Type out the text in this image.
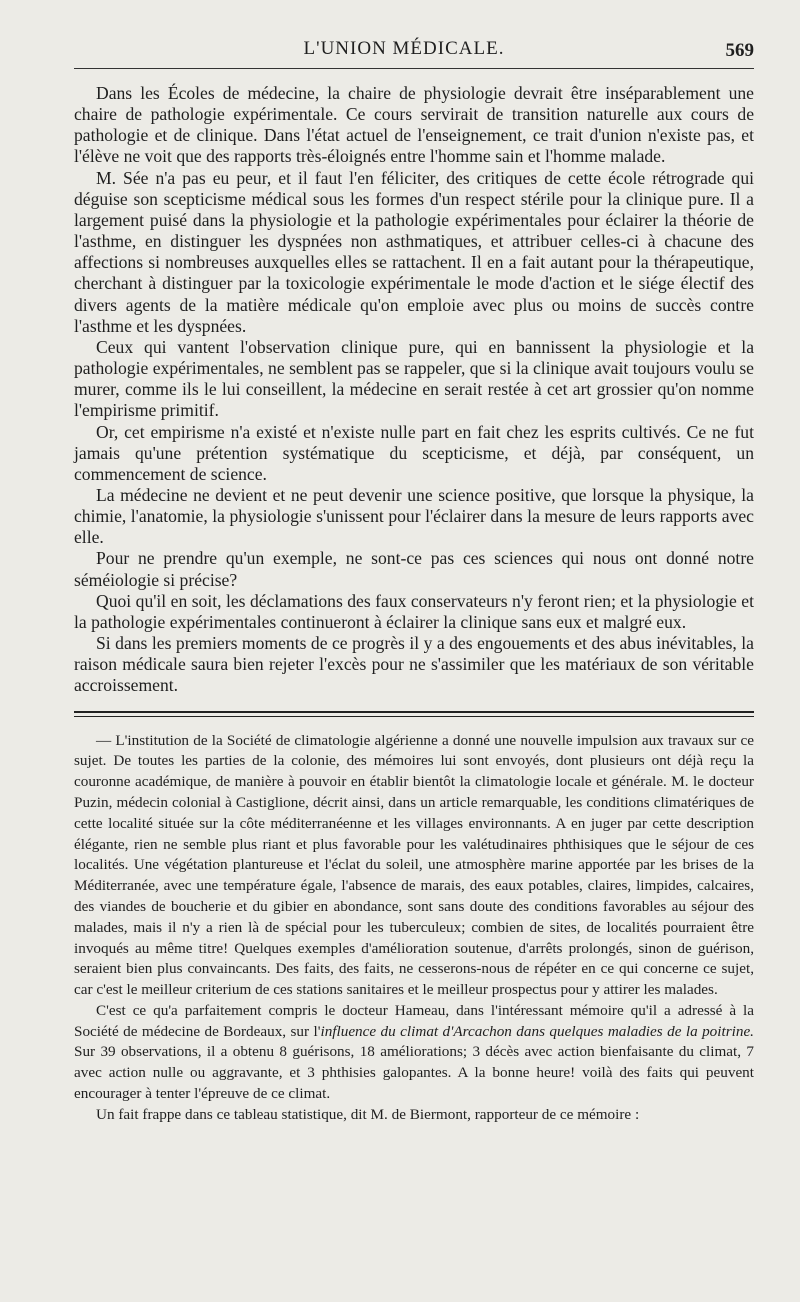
L'UNION MÉDICALE.	569

Dans les Écoles de médecine, la chaire de physiologie devrait être inséparablement une chaire de pathologie expérimentale. Ce cours servirait de transition naturelle aux cours de pathologie et de clinique. Dans l'état actuel de l'enseignement, ce trait d'union n'existe pas, et l'élève ne voit que des rapports très-éloignés entre l'homme sain et l'homme malade.

M. Sée n'a pas eu peur, et il faut l'en féliciter, des critiques de cette école rétrograde qui déguise son scepticisme médical sous les formes d'un respect stérile pour la clinique pure. Il a largement puisé dans la physiologie et la pathologie expérimentales pour éclairer la théorie de l'asthme, en distinguer les dyspnées non asthmatiques, et attribuer celles-ci à chacune des affections si nombreuses auxquelles elles se rattachent. Il en a fait autant pour la thérapeutique, cherchant à distinguer par la toxicologie expérimentale le mode d'action et le siége électif des divers agents de la matière médicale qu'on emploie avec plus ou moins de succès contre l'asthme et les dyspnées.

Ceux qui vantent l'observation clinique pure, qui en bannissent la physiologie et la pathologie expérimentales, ne semblent pas se rappeler, que si la clinique avait toujours voulu se murer, comme ils le lui conseillent, la médecine en serait restée à cet art grossier qu'on nomme l'empirisme primitif.

Or, cet empirisme n'a existé et n'existe nulle part en fait chez les esprits cultivés. Ce ne fut jamais qu'une prétention systématique du scepticisme, et déjà, par conséquent, un commencement de science.

La médecine ne devient et ne peut devenir une science positive, que lorsque la physique, la chimie, l'anatomie, la physiologie s'unissent pour l'éclairer dans la mesure de leurs rapports avec elle.

Pour ne prendre qu'un exemple, ne sont-ce pas ces sciences qui nous ont donné notre séméiologie si précise?

Quoi qu'il en soit, les déclamations des faux conservateurs n'y feront rien; et la physiologie et la pathologie expérimentales continueront à éclairer la clinique sans eux et malgré eux.

Si dans les premiers moments de ce progrès il y a des engouements et des abus inévitables, la raison médicale saura bien rejeter l'excès pour ne s'assimiler que les matériaux de son véritable accroissement.

— L'institution de la Société de climatologie algérienne a donné une nouvelle impulsion aux travaux sur ce sujet. De toutes les parties de la colonie, des mémoires lui sont envoyés, dont plusieurs ont déjà reçu la couronne académique, de manière à pouvoir en établir bientôt la climatologie locale et générale. M. le docteur Puzin, médecin colonial à Castiglione, décrit ainsi, dans un article remarquable, les conditions climatériques de cette localité située sur la côte méditerranéenne et les villages environnants. A en juger par cette description élégante, rien ne semble plus riant et plus favorable pour les valétudinaires phthisiques que le séjour de ces localités. Une végétation plantureuse et l'éclat du soleil, une atmosphère marine apportée par les brises de la Méditerranée, avec une température égale, l'absence de marais, des eaux potables, claires, limpides, calcaires, des viandes de boucherie et du gibier en abondance, sont sans doute des conditions favorables au séjour des malades, mais il n'y a rien là de spécial pour les tuberculeux; combien de sites, de localités pourraient être invoqués au même titre! Quelques exemples d'amélioration soutenue, d'arrêts prolongés, sinon de guérison, seraient bien plus convaincants. Des faits, des faits, ne cesserons-nous de répéter en ce qui concerne ce sujet, car c'est le meilleur criterium de ces stations sanitaires et le meilleur prospectus pour y attirer les malades.

C'est ce qu'a parfaitement compris le docteur Hameau, dans l'intéressant mémoire qu'il a adressé à la Société de médecine de Bordeaux, sur l'influence du climat d'Arcachon dans quelques maladies de la poitrine. Sur 39 observations, il a obtenu 8 guérisons, 18 améliorations; 3 décès avec action bienfaisante du climat, 7 avec action nulle ou aggravante, et 3 phthisies galopantes. A la bonne heure! voilà des faits qui peuvent encourager à tenter l'épreuve de ce climat.

Un fait frappe dans ce tableau statistique, dit M. de Biermont, rapporteur de ce mémoire :
